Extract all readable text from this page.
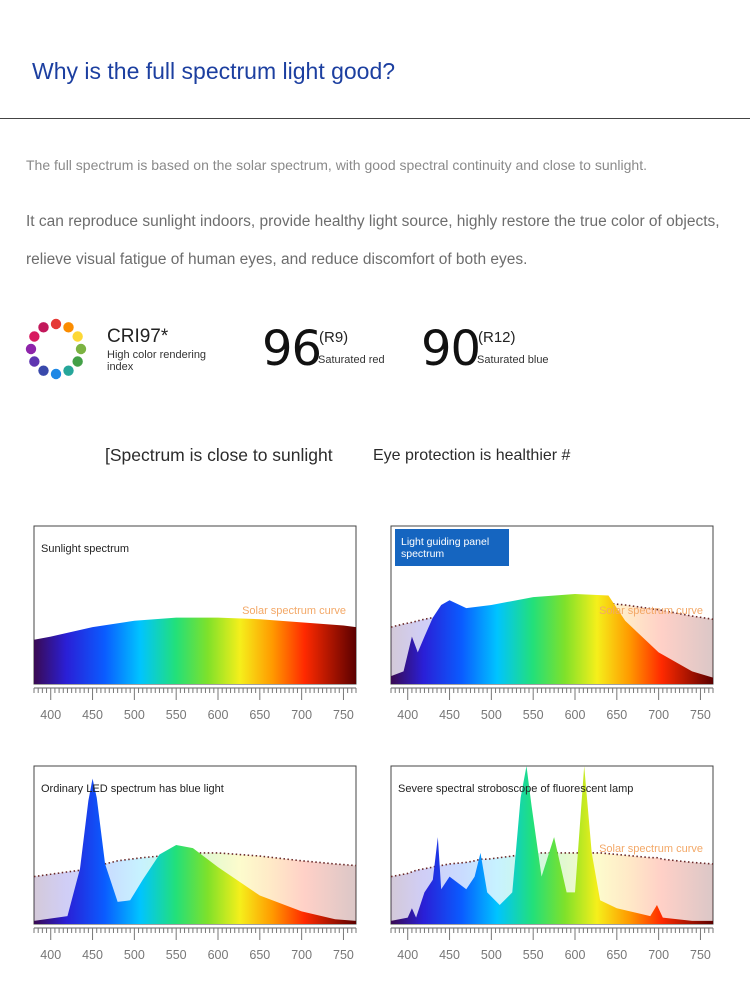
Why is the full spectrum light good?
The full spectrum is based on the solar spectrum, with good spectral continuity and close to sunlight.
It can reproduce sunlight indoors, provide healthy light source, highly restore the true color of objects, relieve visual fatigue of human eyes, and reduce discomfort of both eyes.
CRI97*
High color rendering index	96
(R9)
Saturated red 90
(R12)
Saturated blue
[Spectrum is close to sunlight	Eye protection is healthier #
400 450 500 550 600 650 700 750
Sunlight spectrum
Solar spectrum curve
400 450 500 550 600 650 700 750
Light guiding panel
spectrum
Solar spectrum curve
400 450 500 550 600 650 700 750
Ordinary LED spectrum has blue light
400 450 500 550 600 650 700 750
Severe spectral stroboscope of fluorescent lamp
Solar spectrum curve
